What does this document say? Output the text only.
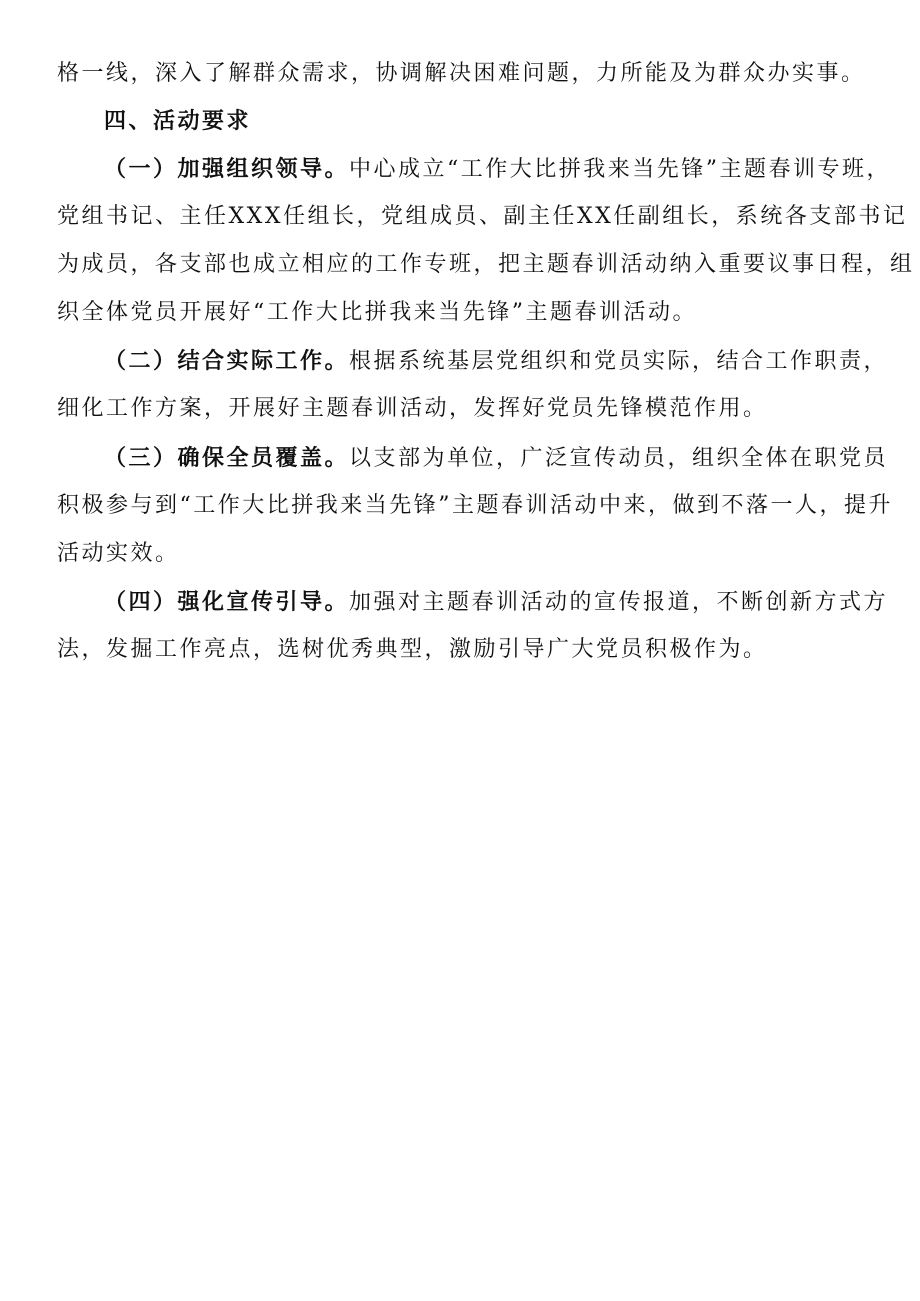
格一线，深入了解群众需求，协调解决困难问题，力所能及为群众办实事。
四、活动要求
（一）加强组织领导。中心成立“工作大比拼我来当先锋”主题春训专班，
党组书记、主任XXX任组长，党组成员、副主任XX任副组长，系统各支部书记
为成员，各支部也成立相应的工作专班，把主题春训活动纳入重要议事日程，组
织全体党员开展好“工作大比拼我来当先锋”主题春训活动。
（二）结合实际工作。根据系统基层党组织和党员实际，结合工作职责，
细化工作方案，开展好主题春训活动，发挥好党员先锋模范作用。
（三）确保全员覆盖。以支部为单位，广泛宣传动员，组织全体在职党员
积极参与到“工作大比拼我来当先锋”主题春训活动中来，做到不落一人，提升
活动实效。
（四）强化宣传引导。加强对主题春训活动的宣传报道，不断创新方式方
法，发掘工作亮点，选树优秀典型，激励引导广大党员积极作为。
